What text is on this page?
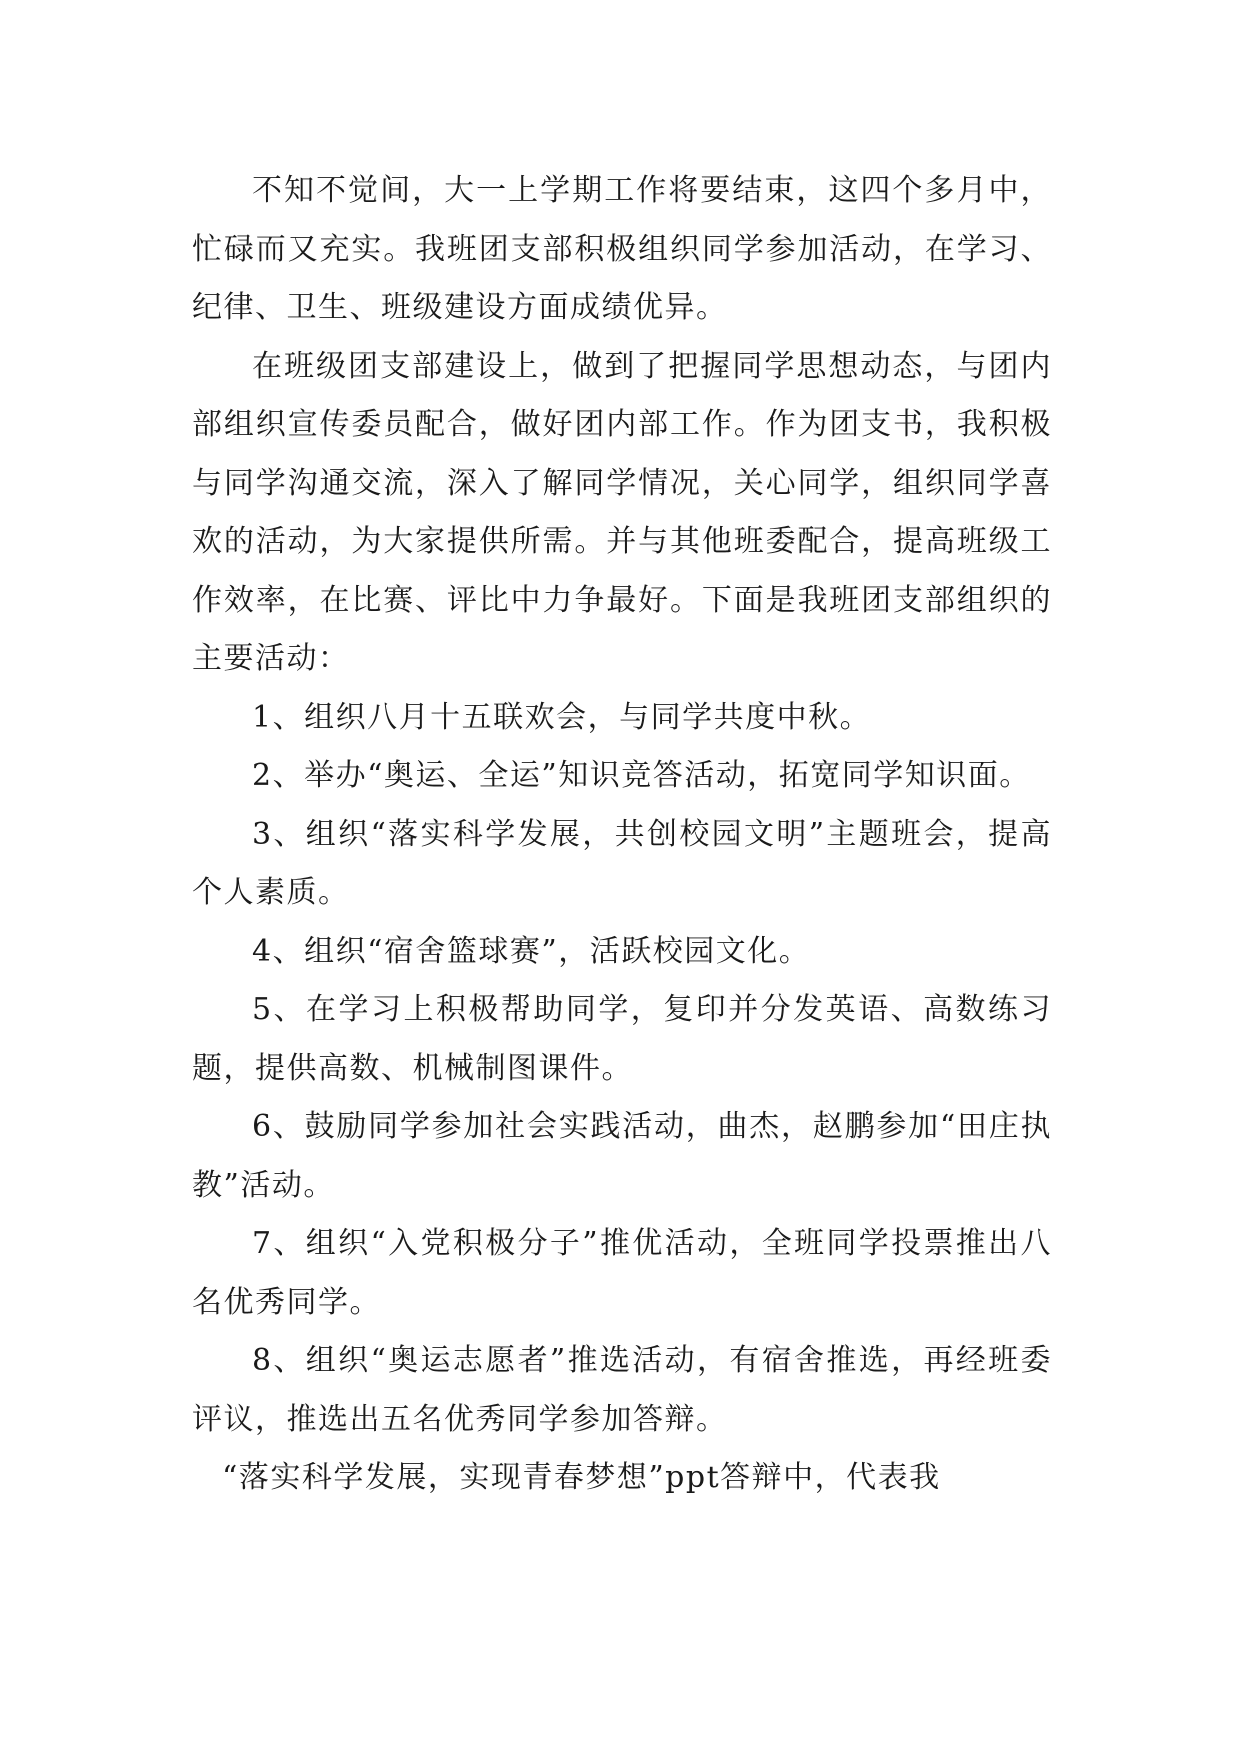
不知不觉间，大一上学期工作将要结束，这四个多月中，忙碌而又充实。我班团支部积极组织同学参加活动，在学习、纪律、卫生、班级建设方面成绩优异。

在班级团支部建设上，做到了把握同学思想动态，与团内部组织宣传委员配合，做好团内部工作。作为团支书，我积极与同学沟通交流，深入了解同学情况，关心同学，组织同学喜欢的活动，为大家提供所需。并与其他班委配合，提高班级工作效率，在比赛、评比中力争最好。下面是我班团支部组织的主要活动：

1、组织八月十五联欢会，与同学共度中秋。

2、举办“奥运、全运”知识竞答活动，拓宽同学知识面。

3、组织“落实科学发展，共创校园文明”主题班会，提高个人素质。

4、组织“宿舍篮球赛”，活跃校园文化。

5、在学习上积极帮助同学，复印并分发英语、高数练习题，提供高数、机械制图课件。

6、鼓励同学参加社会实践活动，曲杰，赵鹏参加“田庄执教”活动。

7、组织“入党积极分子”推优活动，全班同学投票推出八名优秀同学。

8、组织“奥运志愿者”推选活动，有宿舍推选，再经班委评议，推选出五名优秀同学参加答辩。

“落实科学发展，实现青春梦想”ppt答辩中，代表我
